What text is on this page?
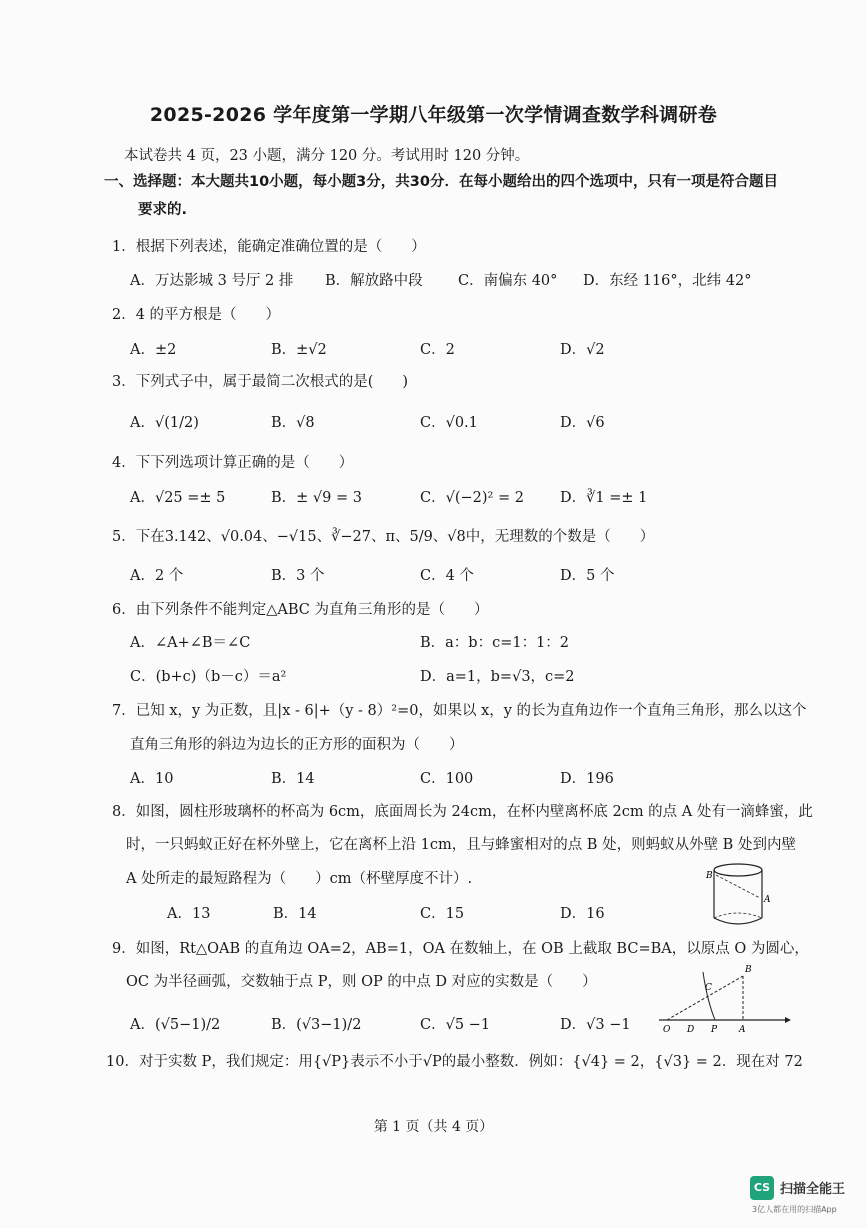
2025-2026 学年度第一学期八年级第一次学情调查数学科调研卷
本试卷共 4 页，23 小题，满分 120 分。考试用时 120 分钟。
一、选择题：本大题共10小题，每小题3分，共30分．在每小题给出的四个选项中，只有一项是符合题目
要求的.
1．根据下列表述，能确定准确位置的是（　　）
A．万达影城 3 号厅 2 排 B．解放路中段 C．南偏东 40° D．东经 116°，北纬 42°
2．4 的平方根是（　　）
A．±2	B．±√2	C．2	D．√2
3．下列式子中，属于最简二次根式的是(　　)
A．√(1/2)	B．√8	C．√0.1	D．√6
4．下下列选项计算正确的是（　　）
A．√25 =± 5	B．± √9 = 3	C．√(−2)² = 2 D．∛1 =± 1
5．下在3.142、√0.04、−√15、∛−27、π、5/9、√8中，无理数的个数是（　　）
A．2 个	B．3 个	C．4 个	D．5 个
6．由下列条件不能判定△ABC 为直角三角形的是（　　）
A．∠A+∠B＝∠C	B．a：b：c=1：1：2
C．(b+c)（b－c）＝a²	D．a=1，b=√3，c=2
7．已知 x，y 为正数，且|x - 6|+（y - 8）²=0，如果以 x，y 的长为直角边作一个直角三角形，那么以这个
直角三角形的斜边为边长的正方形的面积为（　　）
A．10	B．14	C．100	D．196
8．如图，圆柱形玻璃杯的杯高为 6cm，底面周长为 24cm，在杯内壁离杯底 2cm 的点 A 处有一滴蜂蜜，此
时，一只蚂蚁正好在杯外壁上，它在离杯上沿 1cm，且与蜂蜜相对的点 B 处，则蚂蚁从外壁 B 处到内壁
A 处所走的最短路程为（　　）cm（杯壁厚度不计）.
A．13	B．14	C．15	D．16
B
A
9．如图，Rt△OAB 的直角边 OA=2，AB=1，OA 在数轴上，在 OB 上截取 BC=BA，以原点 O 为圆心，
OC 为半径画弧，交数轴于点 P，则 OP 的中点 D 对应的实数是（　　）
A．(√5−1)/2	B．(√3−1)/2	C．√5 −1	D．√3 −1	O D P A
B
C
10．对于实数 P，我们规定：用{√P}表示不小于√P的最小整数．例如：{√4} = 2，{√3} = 2．现在对 72
第 1 页（共 4 页）
CS 扫描全能王
3亿人都在用的扫描App
